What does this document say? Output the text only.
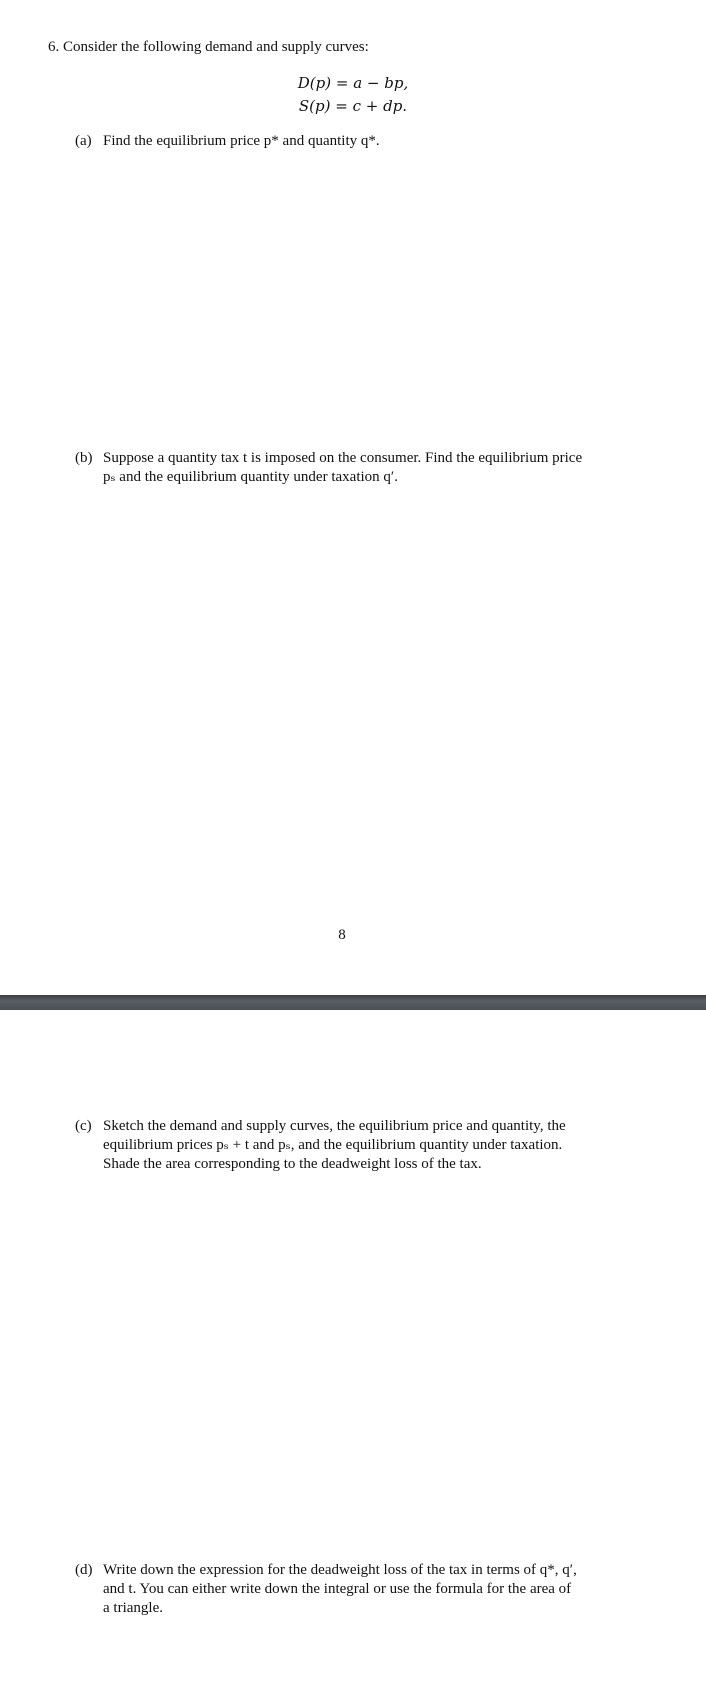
6. Consider the following demand and supply curves:
D(p) = a − bp,
S(p) = c + dp.
(a) Find the equilibrium price p* and quantity q*.
(b) Suppose a quantity tax t is imposed on the consumer. Find the equilibrium price
pₛ and the equilibrium quantity under taxation q′.
8
(c) Sketch the demand and supply curves, the equilibrium price and quantity, the
equilibrium prices pₛ + t and pₛ, and the equilibrium quantity under taxation.
Shade the area corresponding to the deadweight loss of the tax.
(d) Write down the expression for the deadweight loss of the tax in terms of q*, q′,
and t. You can either write down the integral or use the formula for the area of
a triangle.
